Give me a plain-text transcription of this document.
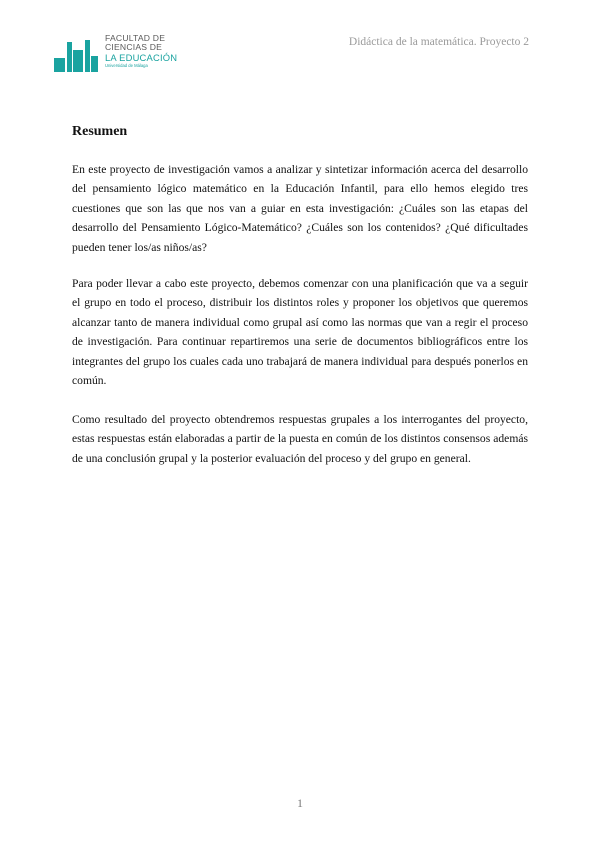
FACULTAD DE
CIENCIAS DE
LA EDUCACIÓN
Universidad de Málaga
Didáctica de la matemática. Proyecto 2
Resumen

En este proyecto de investigación vamos a analizar y sintetizar información acerca del desarrollo del pensamiento lógico matemático en la Educación Infantil, para ello hemos elegido tres cuestiones que son las que nos van a guiar en esta investigación: ¿Cuáles son las etapas del desarrollo del Pensamiento Lógico-Matemático? ¿Cuáles son los contenidos? ¿Qué dificultades pueden tener los/as niños/as?

Para poder llevar a cabo este proyecto, debemos comenzar con una planificación que va a seguir el grupo en todo el proceso, distribuir los distintos roles y proponer los objetivos que queremos alcanzar tanto de manera individual como grupal así como las normas que van a regir el proceso de investigación. Para continuar repartiremos una serie de documentos bibliográficos entre los integrantes del grupo los cuales cada uno trabajará de manera individual para después ponerlos en común.

Como resultado del proyecto obtendremos respuestas grupales a los interrogantes del proyecto, estas respuestas están elaboradas a partir de la puesta en común de los distintos consensos además de una conclusión grupal y la posterior evaluación del proceso y del grupo en general.

1
